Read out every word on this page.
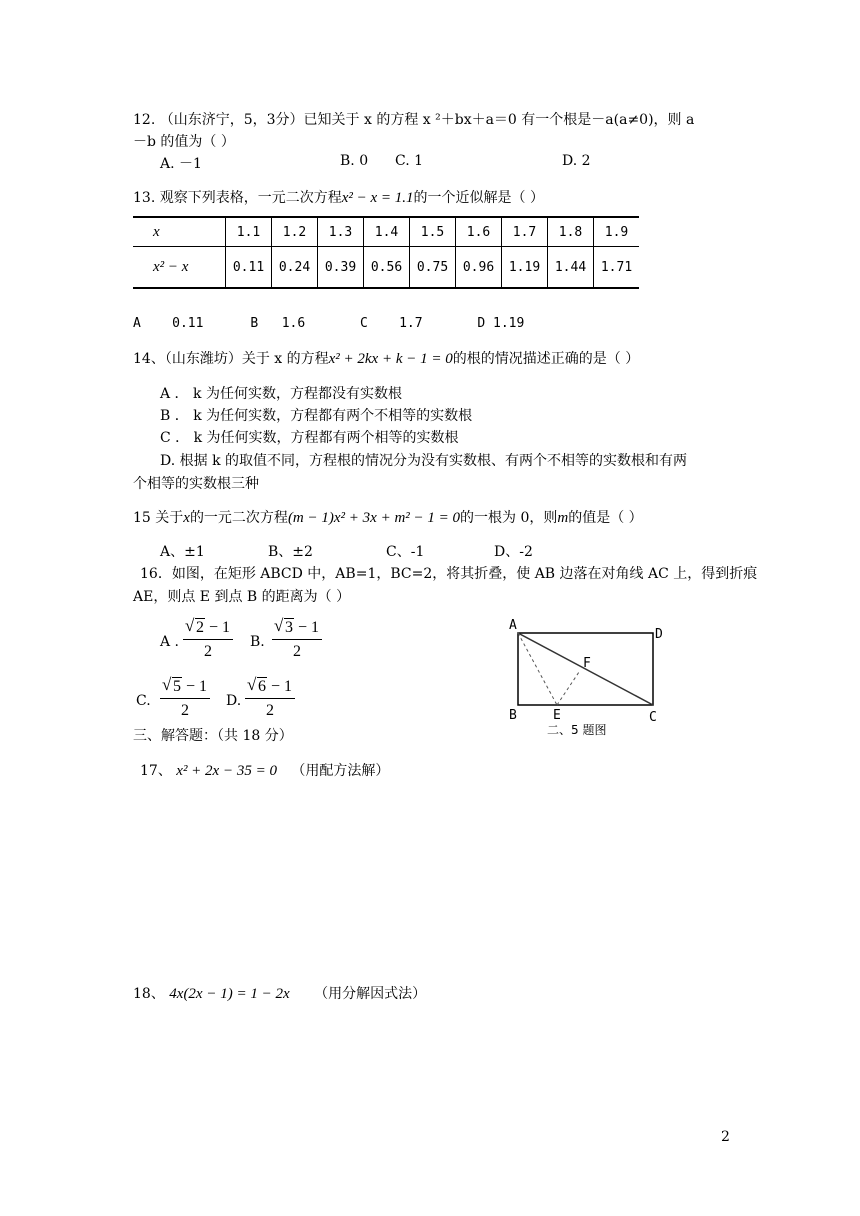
12. （山东济宁，5，3分）已知关于 x 的方程 x ²＋bx＋a＝0 有一个根是－a(a≠0)，则 a
－b 的值为（ ）
A. －1	B. 0 C. 1	D. 2
13. 观察下列表格，一元二次方程x² − x = 1.1的一个近似解是（ ）
x	1.1	1.2	1.3	1.4	1.5	1.6	1.7	1.8	1.9
x² − x	0.11	0.24	0.39	0.56	0.75	0.96	1.19	1.44	1.71
A    0.11      B   1.6       C    1.7       D 1.19
14、（山东潍坊）关于 x 的方程x² + 2kx + k − 1 = 0的根的情况描述正确的是（ ）
A ． k 为任何实数，方程都没有实数根
B ． k 为任何实数，方程都有两个不相等的实数根
C ． k 为任何实数，方程都有两个相等的实数根
D. 根据 k 的取值不同，方程根的情况分为没有实数根、有两个不相等的实数根和有两
个相等的实数根三种
15 关于x的一元二次方程(m − 1)x² + 3x + m² − 1 = 0的一根为 0，则m的值是（ ）
A、±1	B、±2	C、-1	D、-2
16．如图，在矩形 ABCD 中，AB=1，BC=2，将其折叠，使 AB 边落在对角线 AC 上，得到折痕
AE，则点 E 到点 B 的距离为（ ）
A . $\frac{√ 2 - 1}{2} B$. $\frac{√ 3 - 1}{2}$
C. $\frac{√ 5 - 1}{2} D$. $\frac{√ 6 - 1}{2}$
A
D
B	C
E
F
二、5 题图
三、解答题：（共 18 分）
17、 x² + 2x − 35 = 0 （用配方法解）
18、 4x(2x − 1) = 1 − 2x （用分解因式法）
2
